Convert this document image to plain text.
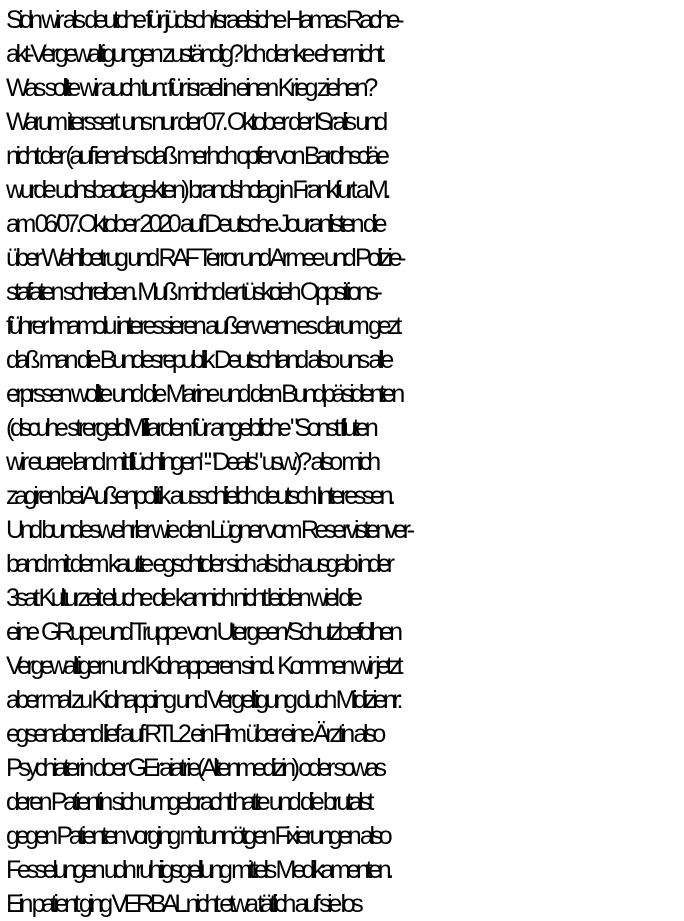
Sidn wir als deutche für jüdsch/israelsiche Hamas Rache-
akt-Vergewaltigungen zuständig? Ich denke eher nicht.
Was sollte wir auch tun: für israel in einen Krieg ziehen?
Warum iterssert  uns nur der 07. Oktober der ISralis und
nicht der (auf ienahs daß merhch opfer von Bardhscläe
wurde udnsbaotagekten) brandshclag in Frankfurt a.M.
am 06/07.Oktober 2020 auf Deutsche Jouranlisten die
über Wahlbetrug und RAF Terror und Armee und Polizie-
stafaten schreiben. Muß michd er tüskcieh Oppsitions-
führer Imamolu interessieren außer wenn es darum gezt
daß man die Bundesrepublik Deutschland also uns alle
erprssen wollte und die Marine und den Bundpäsidenten
(dscuhe strergeldMilliarden für angebliche "Sonst fluten
wir euere land mit flüchlingen"-"Deals" usw.)? also mich
zagiren bei Außenpolitik ausschlielch deutsch Interessen.
Und bundeswehrler wie den Lügner vom Reservistenver-
band mit dem kautte egschtder sich als ich ausgab inder
3sat Kulturzeit eluche die kannich nicht leiden wiel die
eine  GRupe und Truppe von Utergeen/Schutzbefolhen
Vergewaltigern und Kidnapperen sind.  Kommen wir jetzt
aber mal zu Kidnapping und Vergeltigung duch Midizienr:
egsenabend lief auf RTL2 ein Film über eine Ärztin also
Psychiaterin doer GEraiatrie(Altenmedizin) oder sowas
deren Patientin sich umgebracht hatte und die brutalst
gegen Patienten vorging mit unnötgen Fixierungen also
Fesselungen udn ruhiigsgellung mittels Medikamenten.
Ein patient ging VERBAL nicht etwa tätlich auf sie los
